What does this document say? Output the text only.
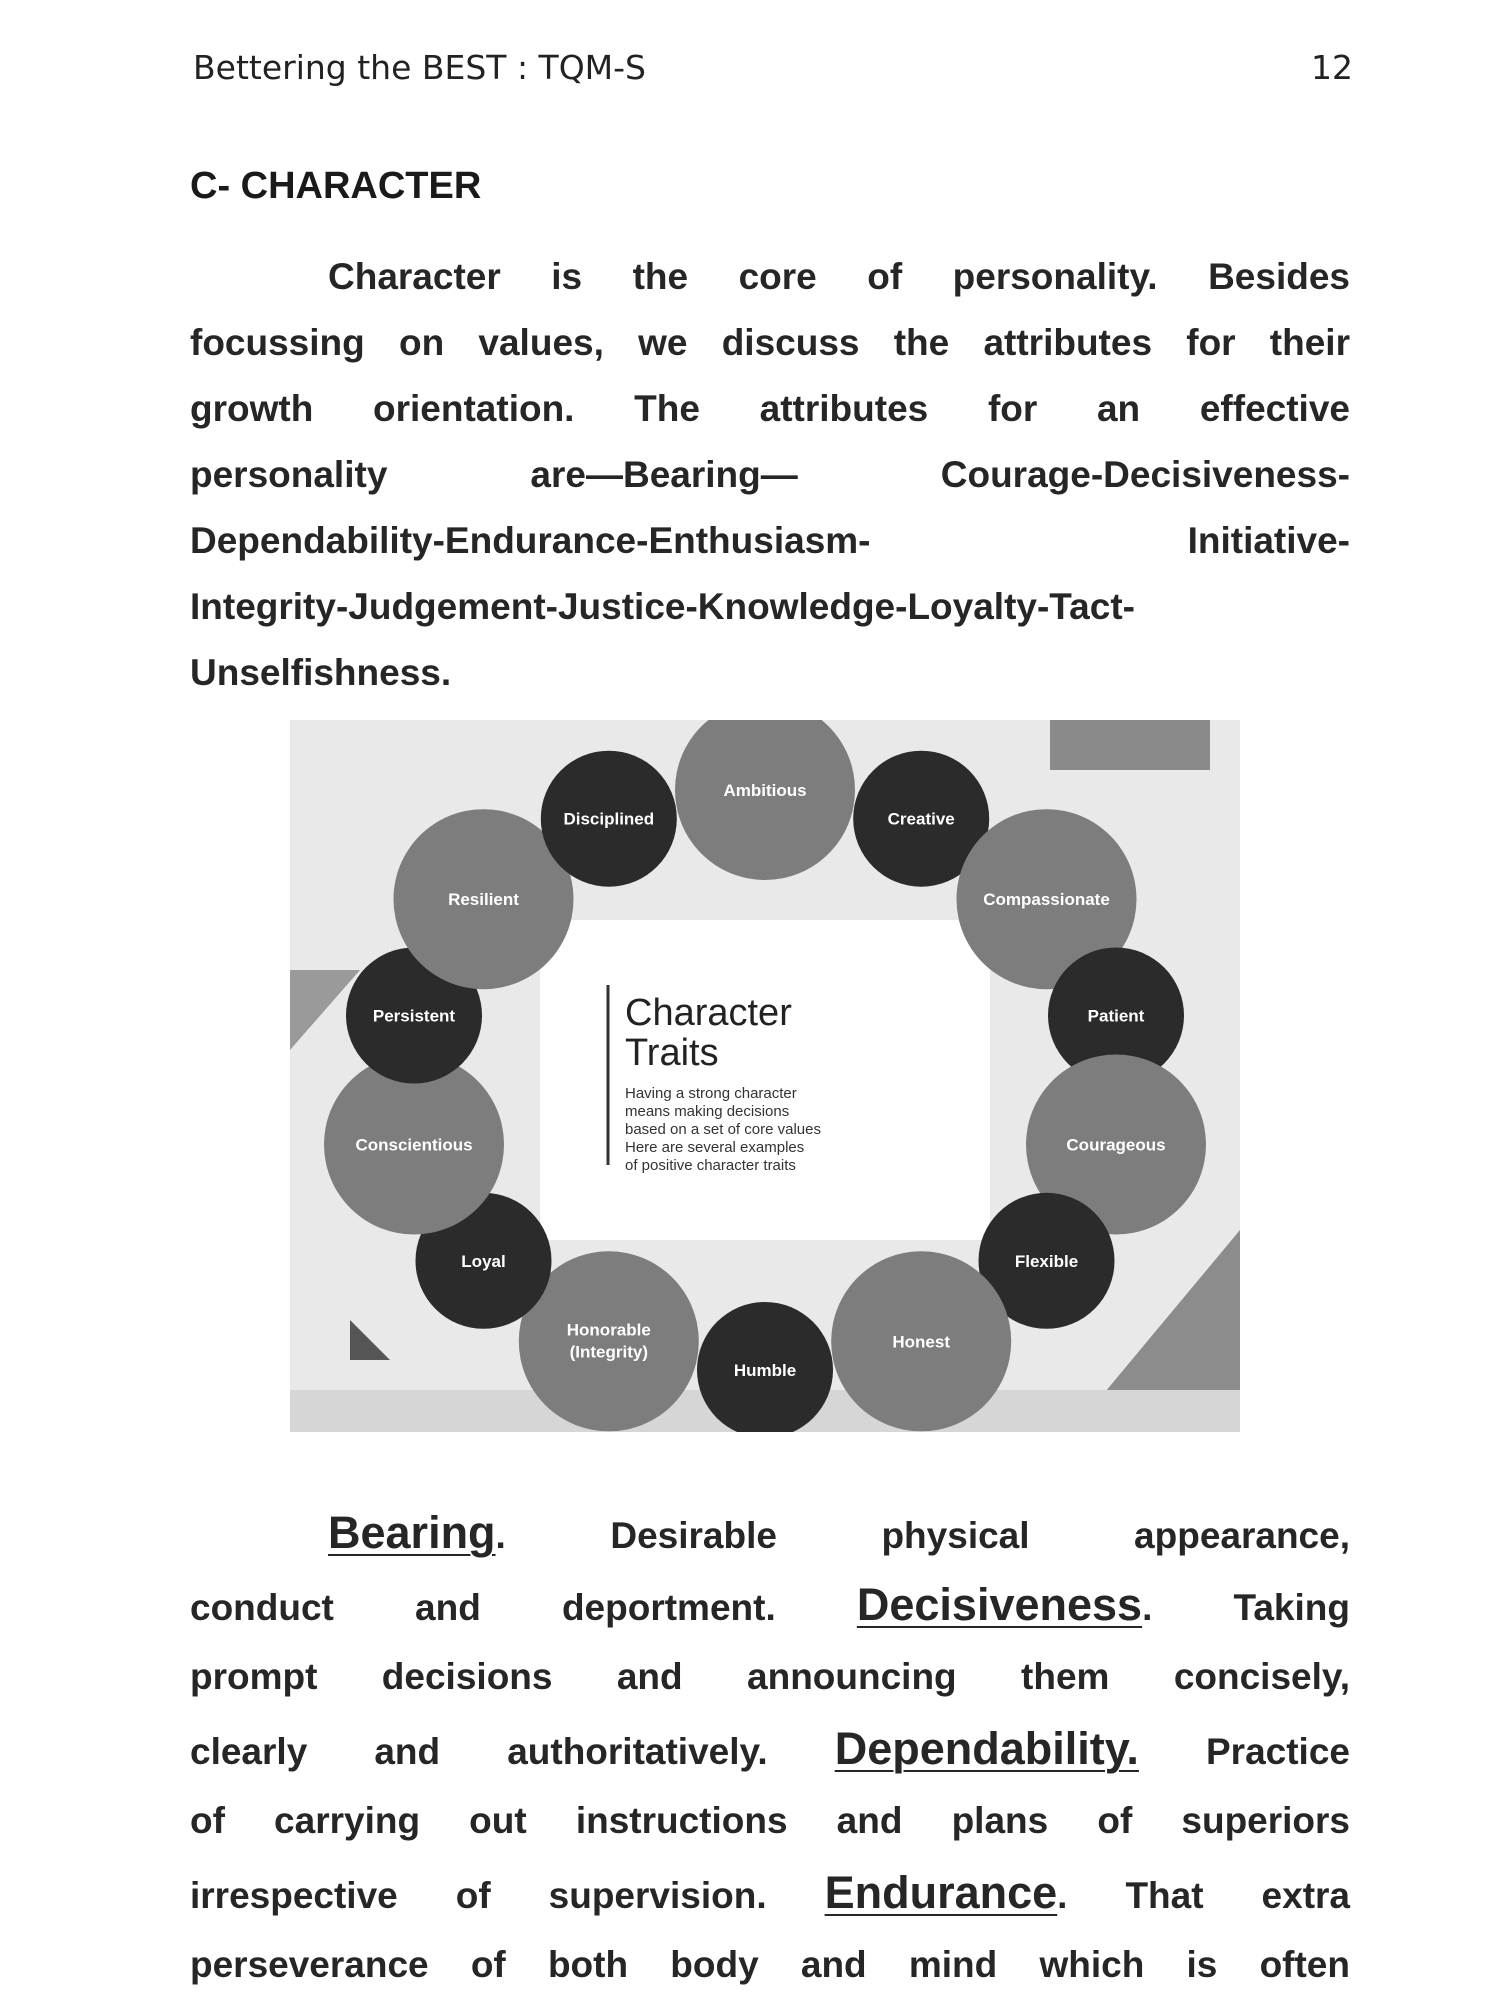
Bettering the BEST : TQM-S	12
C- CHARACTER
Character is the core of personality. Besides
focussing on values, we discuss the attributes for their
growth orientation. The attributes for an effective
personality are—Bearing— Courage-Decisiveness-
Dependability-Endurance-Enthusiasm- Initiative-
Integrity-Judgement-Justice-Knowledge-Loyalty-Tact-
Unselfishness.
Ambitious
Creative
Compassionate
Patient
Courageous
Flexible
Honest
Humble
Honorable
(Integrity)
Loyal
Conscientious
Persistent
Resilient
Disciplined
Character
Traits
Having a strong character
means making decisions
based on a set of core values
Here are several examples
of positive character traits
Bearing. Desirable physical appearance,
conduct and deportment. Decisiveness. Taking
prompt decisions and announcing them concisely,
clearly and authoritatively. Dependability. Practice
of carrying out instructions and plans of superiors
irrespective of supervision. Endurance. That extra
perseverance of both body and mind which is often
